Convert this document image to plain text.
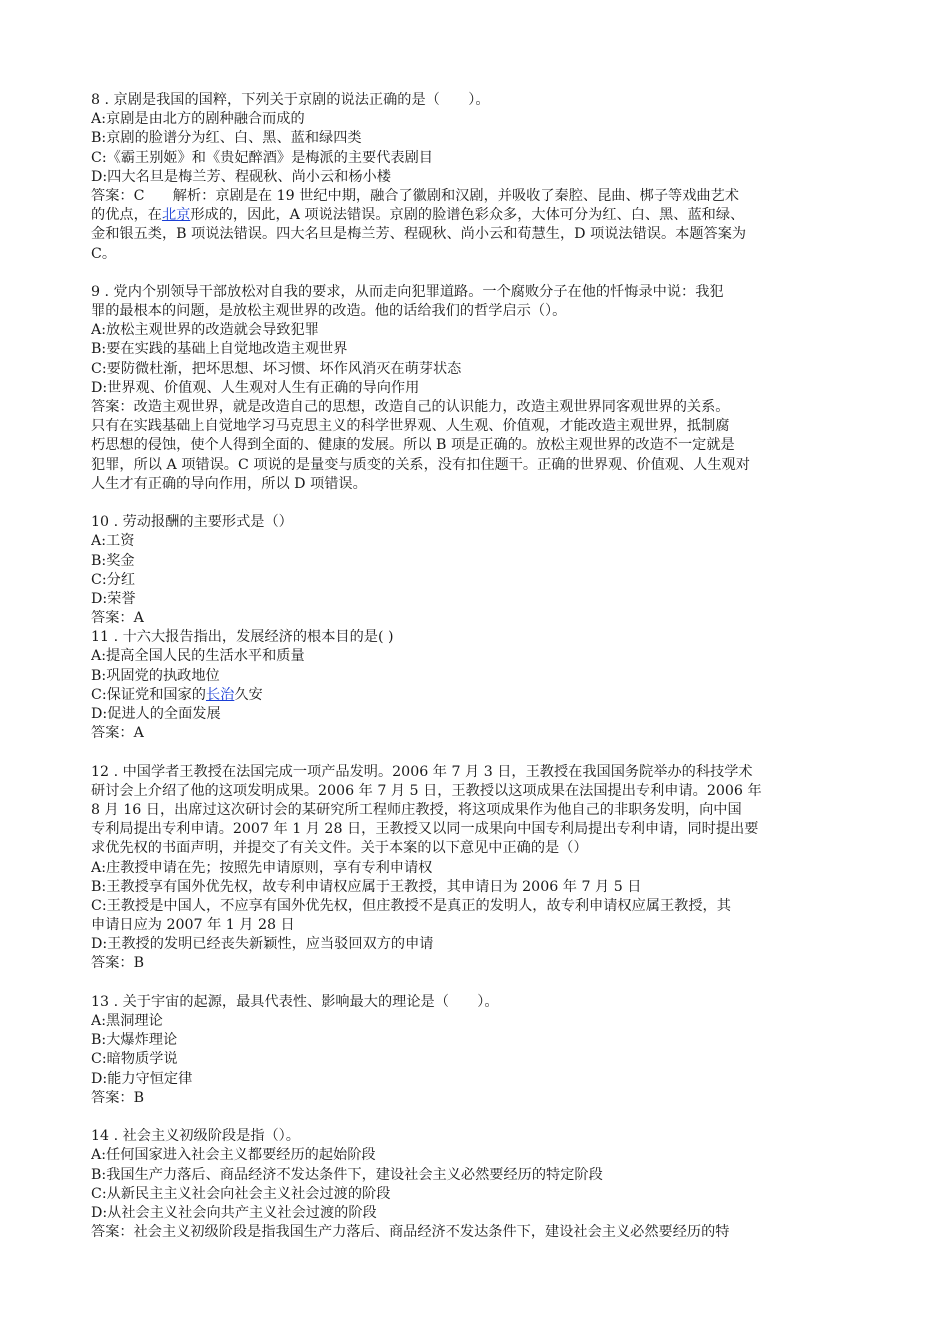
8 . 京剧是我国的国粹，下列关于京剧的说法正确的是（　　）。
A:京剧是由北方的剧种融合而成的
B:京剧的脸谱分为红、白、黑、蓝和绿四类
C:《霸王别姬》和《贵妃醉酒》是梅派的主要代表剧目
D:四大名旦是梅兰芳、程砚秋、尚小云和杨小楼
答案：C　　解析：京剧是在 19 世纪中期，融合了徽剧和汉剧，并吸收了秦腔、昆曲、梆子等戏曲艺术
的优点，在北京形成的，因此，A 项说法错误。京剧的脸谱色彩众多，大体可分为红、白、黑、蓝和绿、
金和银五类，B 项说法错误。四大名旦是梅兰芳、程砚秋、尚小云和荀慧生，D 项说法错误。本题答案为
C。
9 . 党内个别领导干部放松对自我的要求，从而走向犯罪道路。一个腐败分子在他的忏悔录中说：我犯
罪的最根本的问题，是放松主观世界的改造。他的话给我们的哲学启示（）。
A:放松主观世界的改造就会导致犯罪
B:要在实践的基础上自觉地改造主观世界
C:要防微杜渐，把坏思想、坏习惯、坏作风消灭在萌芽状态
D:世界观、价值观、人生观对人生有正确的导向作用
答案：改造主观世界，就是改造自己的思想，改造自己的认识能力，改造主观世界同客观世界的关系。
只有在实践基础上自觉地学习马克思主义的科学世界观、人生观、价值观，才能改造主观世界，抵制腐
朽思想的侵蚀，使个人得到全面的、健康的发展。所以 B 项是正确的。放松主观世界的改造不一定就是
犯罪，所以 A 项错误。C 项说的是量变与质变的关系，没有扣住题干。正确的世界观、价值观、人生观对
人生才有正确的导向作用，所以 D 项错误。
10 . 劳动报酬的主要形式是（）
A:工资
B:奖金
C:分红
D:荣誉
答案：A
11 . 十六大报告指出，发展经济的根本目的是( )
A:提高全国人民的生活水平和质量
B:巩固党的执政地位
C:保证党和国家的长治久安
D:促进人的全面发展
答案：A
12 . 中国学者王教授在法国完成一项产品发明。2006 年 7 月 3 日，王教授在我国国务院举办的科技学术
研讨会上介绍了他的这项发明成果。2006 年 7 月 5 日，王教授以这项成果在法国提出专利申请。2006 年
8 月 16 日，出席过这次研讨会的某研究所工程师庄教授，将这项成果作为他自己的非职务发明，向中国
专利局提出专利申请。2007 年 1 月 28 日，王教授又以同一成果向中国专利局提出专利申请，同时提出要
求优先权的书面声明，并提交了有关文件。关于本案的以下意见中正确的是（）
A:庄教授申请在先；按照先申请原则，享有专利申请权
B:王教授享有国外优先权，故专利申请权应属于王教授，其申请日为 2006 年 7 月 5 日
C:王教授是中国人，不应享有国外优先权，但庄教授不是真正的发明人，故专利申请权应属王教授，其
申请日应为 2007 年 1 月 28 日
D:王教授的发明已经丧失新颖性，应当驳回双方的申请
答案：B
13 . 关于宇宙的起源，最具代表性、影响最大的理论是（　　）。
A:黑洞理论
B:大爆炸理论
C:暗物质学说
D:能力守恒定律
答案：B
14 . 社会主义初级阶段是指（）。
A:任何国家进入社会主义都要经历的起始阶段
B:我国生产力落后、商品经济不发达条件下，建设社会主义必然要经历的特定阶段
C:从新民主主义社会向社会主义社会过渡的阶段
D:从社会主义社会向共产主义社会过渡的阶段
答案：社会主义初级阶段是指我国生产力落后、商品经济不发达条件下，建设社会主义必然要经历的特
